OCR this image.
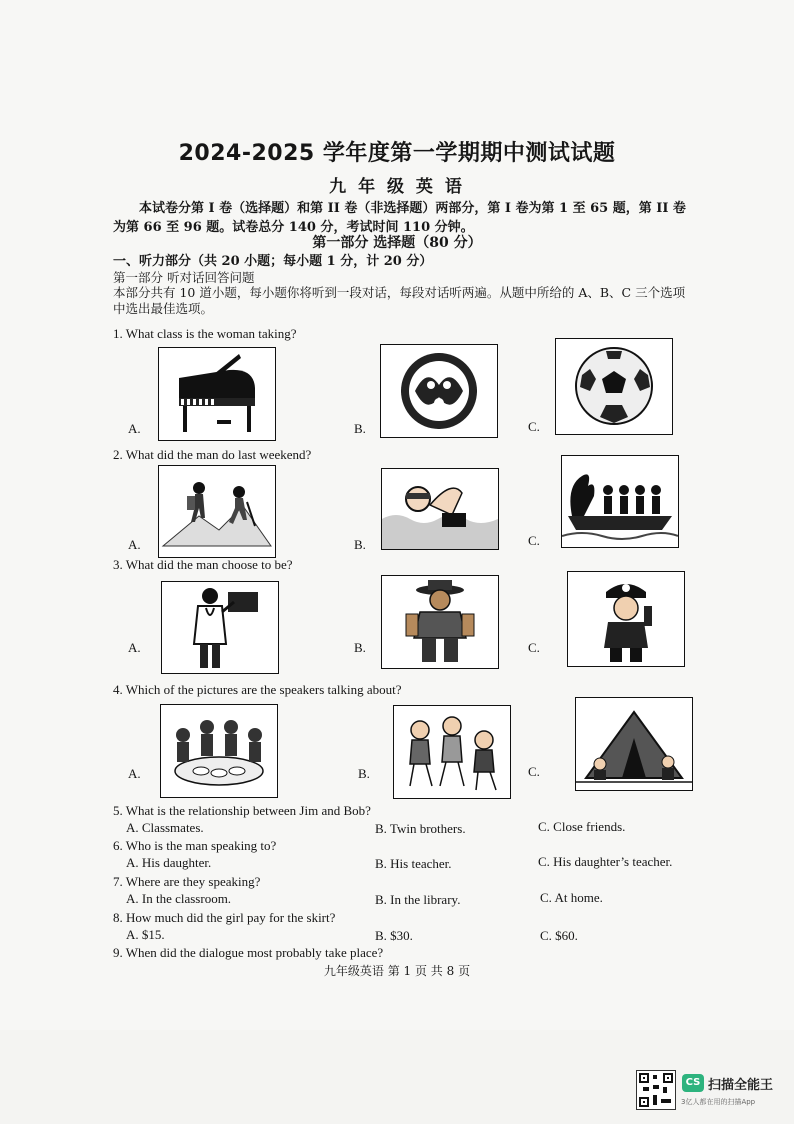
2024-2025 学年度第一学期期中测试试题
九 年 级 英 语
本试卷分第 I 卷（选择题）和第 II 卷（非选择题）两部分，第 I 卷为第 1 至 65 题，第 II 卷为第 66 至 96 题。试卷总分 140 分，考试时间 110 分钟。
第一部分 选择题（80 分）
一、听力部分（共 20 小题；每小题 1 分，计 20 分）
第一部分 听对话回答问题
本部分共有 10 道小题，每小题你将听到一段对话，每段对话听两遍。从题中所给的 A、B、C 三个选项中选出最佳选项。
1. What class is the woman taking?
A.	B.	C.
2. What did the man do last weekend?
A.	B.	C.
3. What did the man choose to be?
A.	B.	C.
4. Which of the pictures are the speakers talking about?
A.	B.	C.
5. What is the relationship between Jim and Bob?
A. Classmates.	B. Twin brothers.	C. Close friends.
6. Who is the man speaking to?
A. His daughter.	B. His teacher.	C. His daughter’s teacher.
7. Where are they speaking?
A. In the classroom.	B. In the library.	C. At home.
8. How much did the girl pay for the skirt?
A. $15.	B. $30.	C. $60.
9. When did the dialogue most probably take place?
九年级英语 第 1 页 共 8 页
CS 扫描全能王
3亿人都在用的扫描App
